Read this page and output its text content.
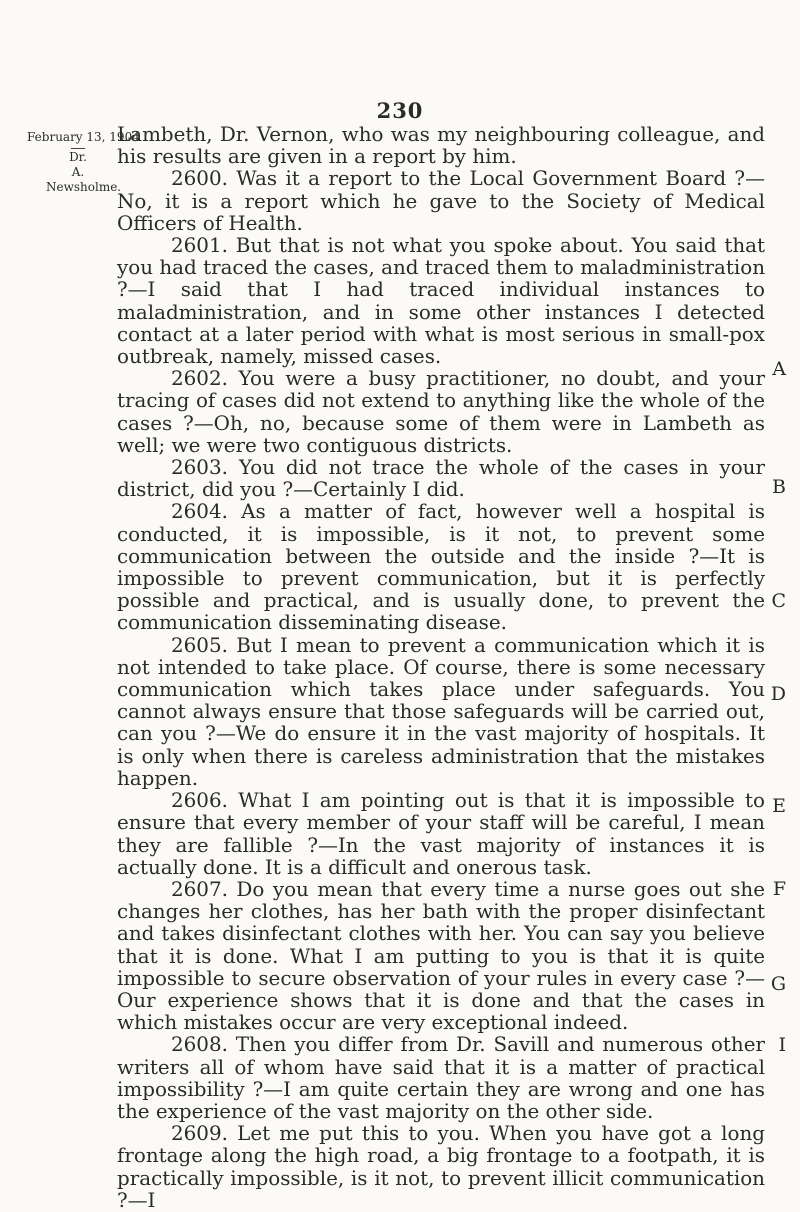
230
February 13, 1904
Dr.
A. Newsholme.

Lambeth, Dr. Vernon, who was my neighbouring colleague, and his results are given in a report by him.

2600. Was it a report to the Local Government Board ?—No, it is a report which he gave to the Society of Medical Officers of Health.

2601. But that is not what you spoke about. You said that you had traced the cases, and traced them to maladministration ?—I said that I had traced individual instances to maladministration, and in some other instances I detected contact at a later period with what is most serious in small-pox outbreak, namely, missed cases.

2602. You were a busy practitioner, no doubt, and your tracing of cases did not extend to anything like the whole of the cases ?—Oh, no, because some of them were in Lambeth as well; we were two contiguous districts.

2603. You did not trace the whole of the cases in your district, did you ?—Certainly I did.

2604. As a matter of fact, however well a hospital is conducted, it is impossible, is it not, to prevent some communication between the outside and the inside ?—It is impossible to prevent communication, but it is perfectly possible and practical, and is usually done, to prevent the communication disseminating disease.

2605. But I mean to prevent a communication which it is not intended to take place. Of course, there is some necessary communication which takes place under safeguards. You cannot always ensure that those safeguards will be carried out, can you ?—We do ensure it in the vast majority of hospitals. It is only when there is careless administration that the mistakes happen.

2606. What I am pointing out is that it is impossible to ensure that every member of your staff will be careful, I mean they are fallible ?—In the vast majority of instances it is actually done. It is a difficult and onerous task.

2607. Do you mean that every time a nurse goes out she changes her clothes, has her bath with the proper disinfectant and takes disinfectant clothes with her. You can say you believe that it is done. What I am putting to you is that it is quite impossible to secure observation of your rules in every case ?—Our experience shows that it is done and that the cases in which mistakes occur are very exceptional indeed.

2608. Then you differ from Dr. Savill and numerous other writers all of whom have said that it is a matter of practical impossibility ?—I am quite certain they are wrong and one has the experience of the vast majority on the other side.

2609. Let me put this to you. When you have got a long frontage along the high road, a big frontage to a footpath, it is practically impossible, is it not, to prevent illicit communication ?—I

A
B
C
D
E
F
G
I
